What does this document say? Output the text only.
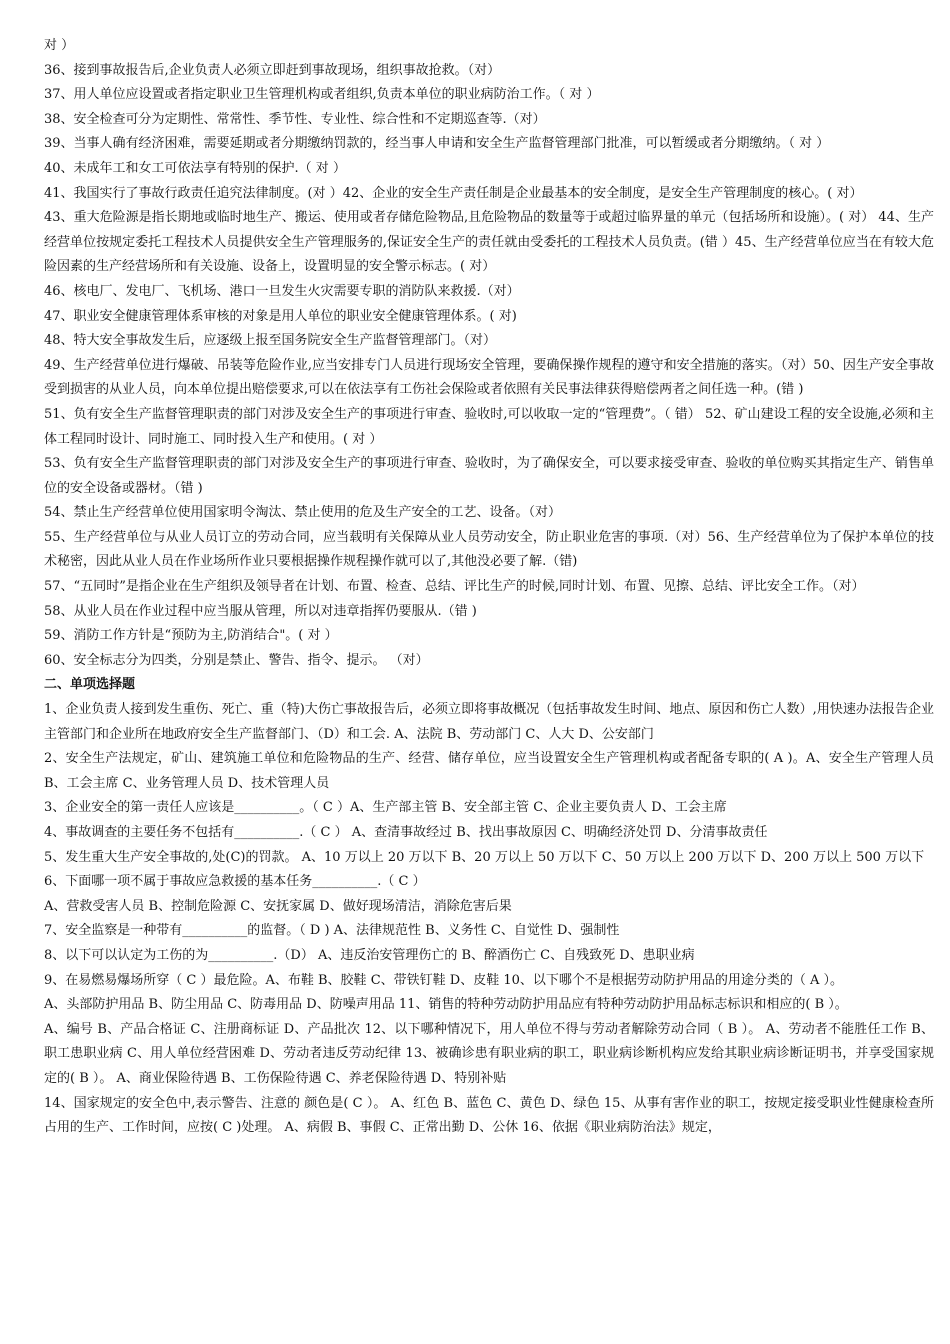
对 ）

36、接到事故报告后,企业负责人必须立即赶到事故现场，组织事故抢救。（对）

37、用人单位应设置或者指定职业卫生管理机构或者组织,负责本单位的职业病防治工作。（ 对 ）

38、安全检查可分为定期性、常常性、季节性、专业性、综合性和不定期巡查等.（对）

39、当事人确有经济困难，需要延期或者分期缴纳罚款的，经当事人申请和安全生产监督管理部门批准，可以暂缓或者分期缴纳。（ 对 ）

40、未成年工和女工可依法享有特别的保护.（ 对 ）

41、我国实行了事故行政责任追究法律制度。(对 ）42、企业的安全生产责任制是企业最基本的安全制度，是安全生产管理制度的核心。( 对）

43、重大危险源是指长期地或临时地生产、搬运、使用或者存储危险物品,且危险物品的数量等于或超过临界量的单元（包括场所和设施）。( 对） 44、生产经营单位按规定委托工程技术人员提供安全生产管理服务的,保证安全生产的责任就由受委托的工程技术人员负责。(错 ）45、生产经营单位应当在有较大危险因素的生产经营场所和有关设施、设备上，设置明显的安全警示标志。( 对）

46、核电厂、发电厂、飞机场、港口一旦发生火灾需要专职的消防队来救援.（对）

47、职业安全健康管理体系审核的对象是用人单位的职业安全健康管理体系。( 对)

48、特大安全事故发生后，应逐级上报至国务院安全生产监督管理部门。（对）

49、生产经营单位进行爆破、吊装等危险作业,应当安排专门人员进行现场安全管理，要确保操作规程的遵守和安全措施的落实。（对）50、因生产安全事故受到损害的从业人员，向本单位提出赔偿要求,可以在依法享有工伤社会保险或者依照有关民事法律获得赔偿两者之间任选一种。(错 )

51、负有安全生产监督管理职责的部门对涉及安全生产的事项进行审查、验收时,可以收取一定的“管理费”。（ 错） 52、矿山建设工程的安全设施,必须和主体工程同时设计、同时施工、同时投入生产和使用。( 对 ）

53、负有安全生产监督管理职责的部门对涉及安全生产的事项进行审查、验收时，为了确保安全，可以要求接受审查、验收的单位购买其指定生产、销售单位的安全设备或器材。（错 )

54、禁止生产经营单位使用国家明令淘汰、禁止使用的危及生产安全的工艺、设备。（对）

55、生产经营单位与从业人员订立的劳动合同，应当载明有关保障从业人员劳动安全，防止职业危害的事项.（对）56、生产经营单位为了保护本单位的技术秘密，因此从业人员在作业场所作业只要根据操作规程操作就可以了,其他没必要了解.（错)

57、“五同时”是指企业在生产组织及领导者在计划、布置、检查、总结、评比生产的时候,同时计划、布置、见擦、总结、评比安全工作。（对）

58、从业人员在作业过程中应当服从管理，所以对违章指挥仍要服从.（错 )

59、消防工作方针是“预防为主,防消结合"。( 对 ）

60、安全标志分为四类，分别是禁止、警告、指令、提示。 （对）

二、单项选择题

1、企业负责人接到发生重伤、死亡、重（特)大伤亡事故报告后，必须立即将事故概况（包括事故发生时间、地点、原因和伤亡人数）,用快速办法报告企业主管部门和企业所在地政府安全生产监督部门、（D）和工会. A、法院 B、劳动部门 C、人大 D、公安部门

2、安全生产法规定，矿山、建筑施工单位和危险物品的生产、经营、储存单位，应当设置安全生产管理机构或者配备专职的( A )。A、安全生产管理人员 B、工会主席 C、业务管理人员 D、技术管理人员

3、企业安全的第一责任人应该是__________。（ C ）A、生产部主管 B、安全部主管 C、企业主要负责人 D、工会主席

4、事故调查的主要任务不包括有__________.（ C ） A、查清事故经过 B、找出事故原因 C、明确经济处罚 D、分清事故责任

5、发生重大生产安全事故的,处(C)的罚款。 A、10 万以上 20 万以下 B、20 万以上 50 万以下 C、50 万以上 200 万以下 D、200 万以上 500 万以下

6、下面哪一项不属于事故应急救援的基本任务__________.（ C ）

A、营救受害人员 B、控制危险源 C、安抚家属 D、做好现场清洁，消除危害后果

7、安全监察是一种带有__________的监督。（ D ) A、法律规范性 B、义务性 C、自觉性 D、强制性

8、以下可以认定为工伤的为__________.（D） A、违反治安管理伤亡的 B、醉酒伤亡 C、自残致死 D、患职业病

9、在易燃易爆场所穿（ C ）最危险。A、布鞋 B、胶鞋 C、带铁钉鞋 D、皮鞋 10、以下哪个不是根据劳动防护用品的用途分类的（ A ）。

A、头部防护用品 B、防尘用品 C、防毒用品 D、防噪声用品 11、销售的特种劳动防护用品应有特种劳动防护用品标志标识和相应的( B ）。

A、编号 B、产品合格证 C、注册商标证 D、产品批次 12、以下哪种情况下，用人单位不得与劳动者解除劳动合同（ B ）。 A、劳动者不能胜任工作 B、职工患职业病 C、用人单位经营困难 D、劳动者违反劳动纪律 13、被确诊患有职业病的职工，职业病诊断机构应发给其职业病诊断证明书，并享受国家规定的( B ）。 A、商业保险待遇 B、工伤保险待遇 C、养老保险待遇 D、特别补贴

14、国家规定的安全色中,表示警告、注意的 颜色是( C ）。 A、红色 B、蓝色 C、黄色 D、绿色 15、从事有害作业的职工，按规定接受职业性健康检查所占用的生产、工作时间，应按( C )处理。 A、病假 B、事假 C、正常出勤 D、公休 16、依据《职业病防治法》规定，
